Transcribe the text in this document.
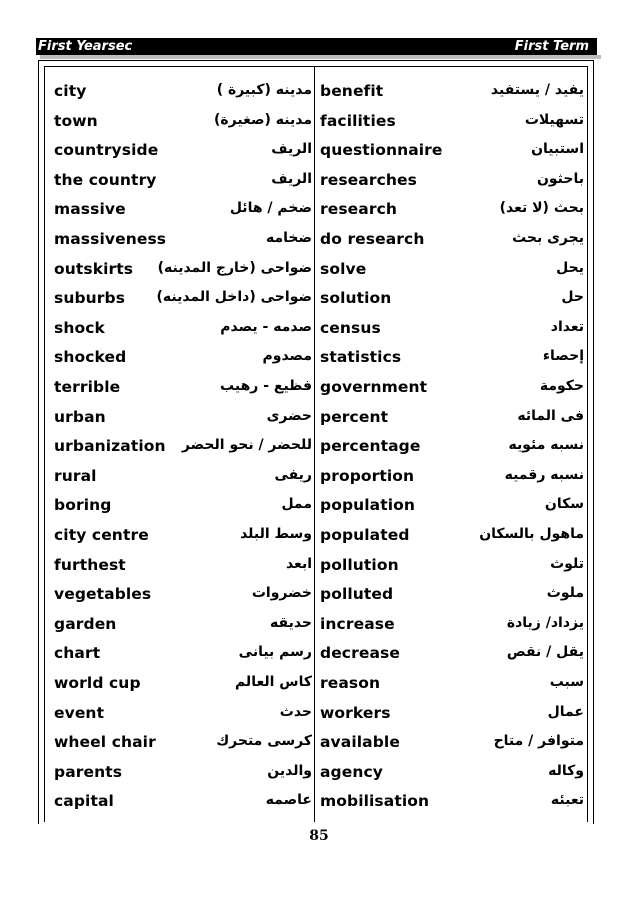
First Yearsec	First Term
city	مدينه (كبيرة ) benefit	يفيد / يستفيد
town	مدينه (صغيرة) facilities	تسهيلات
countryside	الريف questionnaire	استبيان
the country	الريف researches	باحثون
massive	ضخم / هائل research	بحث (لا تعد)
massiveness	ضخامه do research	يجرى بحث
outskirts ضواحى (خارج المدينه) solve	يحل
suburbs ضواحى (داخل المدينه) solution	حل
shock	صدمه - يصدم census	تعداد
shocked	مصدوم statistics	إحصاء
terrible	فظيع - رهيب government	حكومة
urban	حضرى percent	فى المائه
urbanization للحضر / نحو الحضر percentage	نسبه مئويه
rural	ريفى proportion	نسبه رقميه
boring	ممل population	سكان
city centre	وسط البلد populated	ماهول بالسكان
furthest	ابعد pollution	تلوث
vegetables	خضروات polluted	ملوث
garden	حديقه increase	يزداد/ زيادة
chart	رسم بيانى decrease	يقل / نقص
world cup	كاس العالم reason	سبب
event	حدث workers	عمال
wheel chair	كرسى متحرك available	متوافر / متاح
parents	والدين agency	وكاله
capital	عاصمه mobilisation	تعبئه
85
